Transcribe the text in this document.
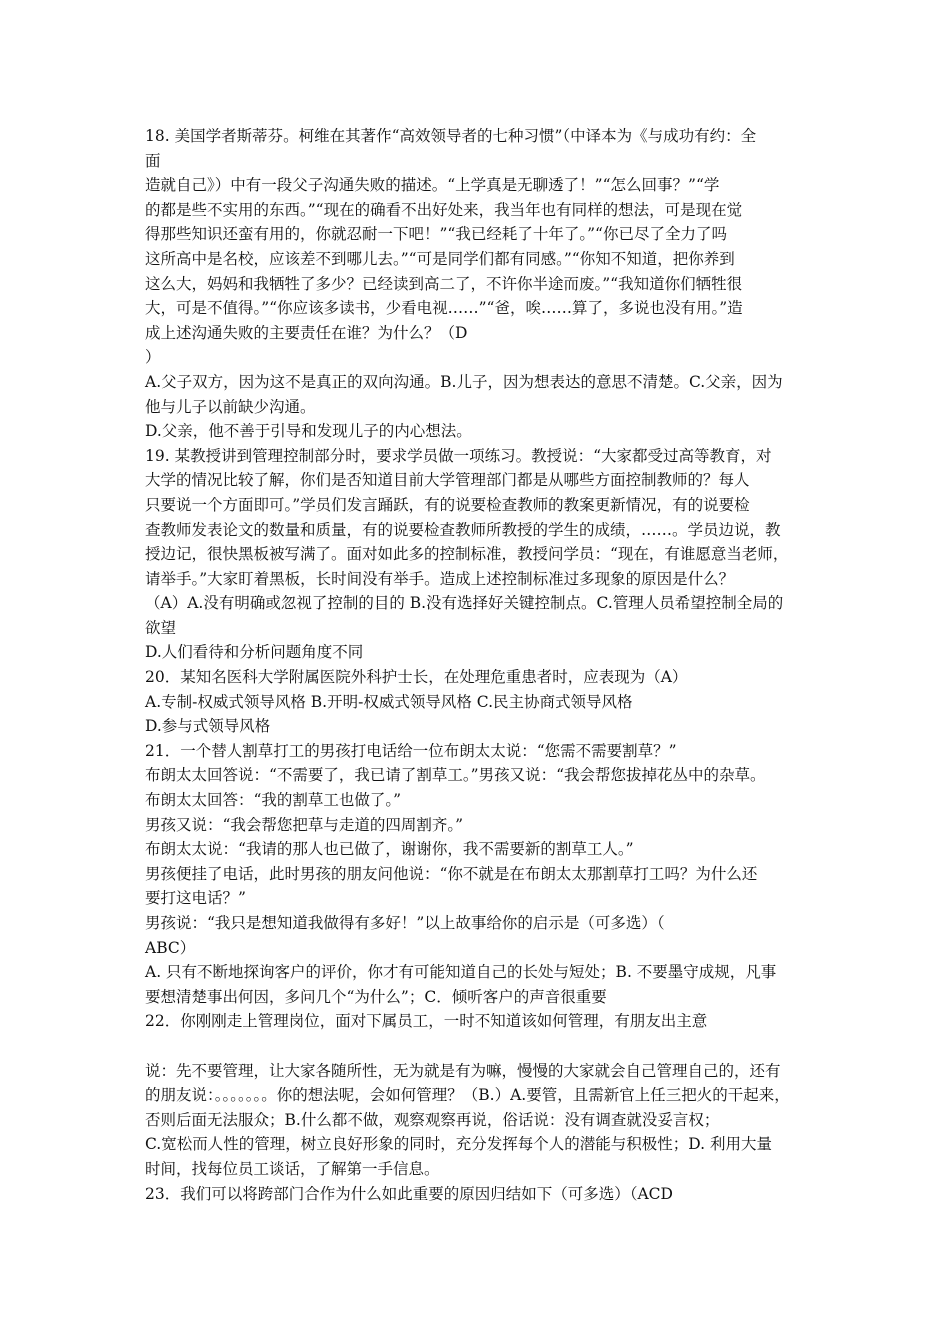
18. 美国学者斯蒂芬。柯维在其著作“高效领导者的七种习惯”（中译本为《与成功有约：全
面
造就自己》）中有一段父子沟通失败的描述。“上学真是无聊透了！”“怎么回事？”“学
的都是些不实用的东西。”“现在的确看不出好处来，我当年也有同样的想法，可是现在觉
得那些知识还蛮有用的，你就忍耐一下吧！”“我已经耗了十年了。”“你已尽了全力了吗
这所高中是名校，应该差不到哪儿去。”“可是同学们都有同感。”“你知不知道，把你养到
这么大，妈妈和我牺牲了多少？已经读到高二了，不许你半途而废。”“我知道你们牺牲很
大，可是不值得。”“你应该多读书，少看电视……”“爸，唉……算了，多说也没有用。”造
成上述沟通失败的主要责任在谁？为什么？（D
）
A.父子双方，因为这不是真正的双向沟通。B.儿子，因为想表达的意思不清楚。C.父亲，因为
他与儿子以前缺少沟通。
D.父亲，他不善于引导和发现儿子的内心想法。
19. 某教授讲到管理控制部分时，要求学员做一项练习。教授说：“大家都受过高等教育，对
大学的情况比较了解，你们是否知道目前大学管理部门都是从哪些方面控制教师的？每人
只要说一个方面即可。”学员们发言踊跃，有的说要检查教师的教案更新情况，有的说要检
查教师发表论文的数量和质量，有的说要检查教师所教授的学生的成绩，……。学员边说，教
授边记，很快黑板被写满了。面对如此多的控制标准，教授问学员：“现在，有谁愿意当老师，
请举手。”大家盯着黑板，长时间没有举手。造成上述控制标准过多现象的原因是什么？
（A）A.没有明确或忽视了控制的目的 B.没有选择好关键控制点。C.管理人员希望控制全局的
欲望
D.人们看待和分析问题角度不同
20．某知名医科大学附属医院外科护士长，在处理危重患者时，应表现为（A）
A.专制-权威式领导风格 B.开明-权威式领导风格 C.民主协商式领导风格
D.参与式领导风格
21．一个替人割草打工的男孩打电话给一位布朗太太说：“您需不需要割草？”
布朗太太回答说：“不需要了，我已请了割草工。”男孩又说：“我会帮您拔掉花丛中的杂草。
布朗太太回答：“我的割草工也做了。”
男孩又说：“我会帮您把草与走道的四周割齐。”
布朗太太说：“我请的那人也已做了，谢谢你，我不需要新的割草工人。”
男孩便挂了电话，此时男孩的朋友问他说：“你不就是在布朗太太那割草打工吗？为什么还
要打这电话？”
男孩说：“我只是想知道我做得有多好！”以上故事给你的启示是（可多选）（
ABC）
A. 只有不断地探询客户的评价，你才有可能知道自己的长处与短处；B. 不要墨守成规，凡事
要想清楚事出何因，多问几个“为什么”；C．倾听客户的声音很重要
22．你刚刚走上管理岗位，面对下属员工，一时不知道该如何管理，有朋友出主意
说：先不要管理，让大家各随所性，无为就是有为嘛，慢慢的大家就会自己管理自己的，还有
的朋友说：。。。。。。。你的想法呢，会如何管理？（B.）A.要管，且需新官上任三把火的干起来，
否则后面无法服众；B.什么都不做，观察观察再说，俗话说：没有调查就没妥言权；
C.宽松而人性的管理，树立良好形象的同时，充分发挥每个人的潜能与积极性；D. 利用大量
时间，找每位员工谈话，了解第一手信息。
23．我们可以将跨部门合作为什么如此重要的原因归结如下（可多选）（ACD
